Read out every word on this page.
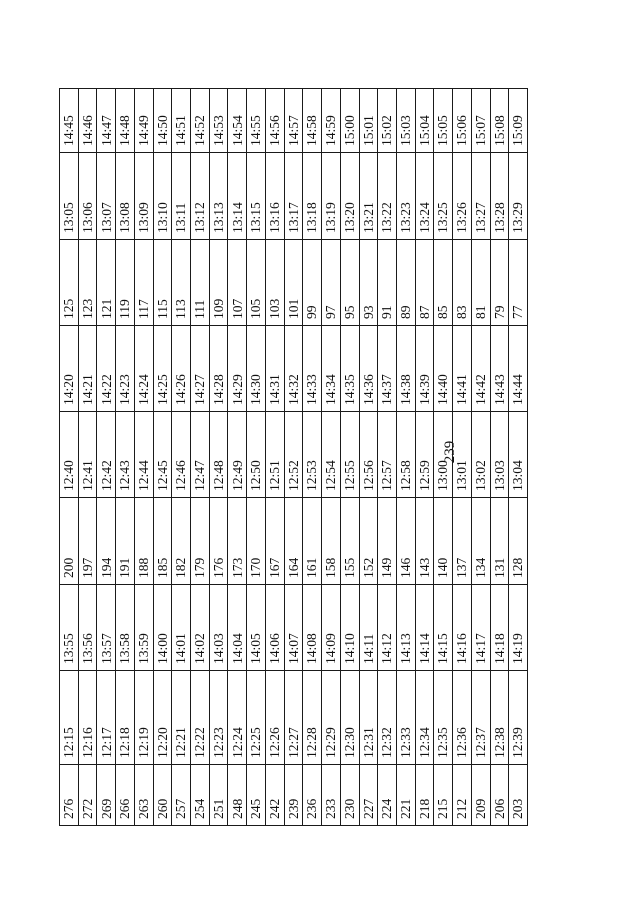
239
276	12:15	13:55	200	12:40	14:20	125	13:05	14:45
272	12:16	13:56	197	12:41	14:21	123	13:06	14:46
269	12:17	13:57	194	12:42	14:22	121	13:07	14:47
266	12:18	13:58	191	12:43	14:23	119	13:08	14:48
263	12:19	13:59	188	12:44	14:24	117	13:09	14:49
260	12:20	14:00	185	12:45	14:25	115	13:10	14:50
257	12:21	14:01	182	12:46	14:26	113	13:11	14:51
254	12:22	14:02	179	12:47	14:27	111	13:12	14:52
251	12:23	14:03	176	12:48	14:28	109	13:13	14:53
248	12:24	14:04	173	12:49	14:29	107	13:14	14:54
245	12:25	14:05	170	12:50	14:30	105	13:15	14:55
242	12:26	14:06	167	12:51	14:31	103	13:16	14:56
239	12:27	14:07	164	12:52	14:32	101	13:17	14:57
236	12:28	14:08	161	12:53	14:33	99	13:18	14:58
233	12:29	14:09	158	12:54	14:34	97	13:19	14:59
230	12:30	14:10	155	12:55	14:35	95	13:20	15:00
227	12:31	14:11	152	12:56	14:36	93	13:21	15:01
224	12:32	14:12	149	12:57	14:37	91	13:22	15:02
221	12:33	14:13	146	12:58	14:38	89	13:23	15:03
218	12:34	14:14	143	12:59	14:39	87	13:24	15:04
215	12:35	14:15	140	13:00	14:40	85	13:25	15:05
212	12:36	14:16	137	13:01	14:41	83	13:26	15:06
209	12:37	14:17	134	13:02	14:42	81	13:27	15:07
206	12:38	14:18	131	13:03	14:43	79	13:28	15:08
203	12:39	14:19	128	13:04	14:44	77	13:29	15:09
